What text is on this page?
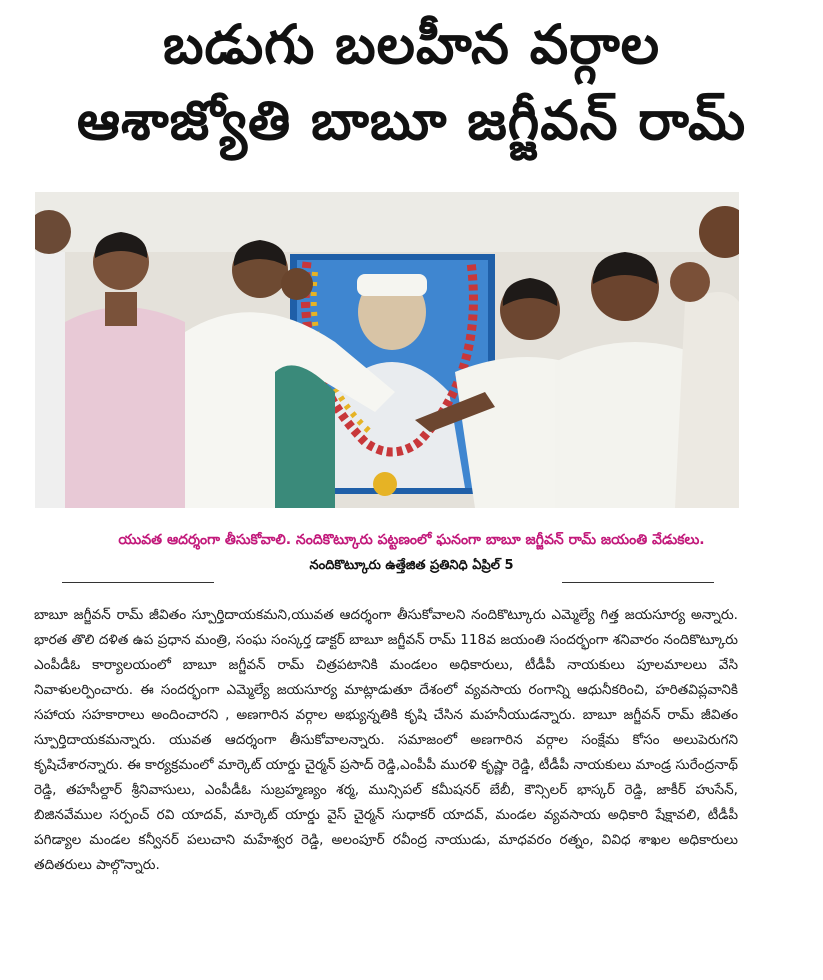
బడుగు బలహీన వర్గాల
ఆశాజ్యోతి బాబూ జగ్జీవన్ రామ్
యువత ఆదర్శంగా తీసుకోవాలి. నందికొట్కూరు పట్టణంలో ఘనంగా బాబూ జగ్జీవన్ రామ్ జయంతి వేడుకలు.
నందికొట్కూరు ఉత్తేజిత ప్రతినిధి ఏప్రిల్ 5

బాబూ జగ్జీవన్ రామ్ జీవితం స్పూర్తిదాయకమని,యువత ఆదర్శంగా తీసుకోవాలని నందికొట్కూరు ఎమ్మెల్యే గిత్త జయసూర్య అన్నారు. భారత తొలి దళిత ఉప ప్రధాన మంత్రి, సంఘ సంస్కర్త డాక్టర్ బాబూ జగ్జీవన్ రామ్ 118వ జయంతి సందర్భంగా శనివారం నందికొట్కూరు ఎంపీడీఓ కార్యాలయంలో బాబూ జగ్జీవన్ రామ్ చిత్రపటానికి మండలం అధికారులు, టీడీపీ నాయకులు పూలమాలలు వేసి నివాళులర్పించారు. ఈ సందర్భంగా ఎమ్మెల్యే జయసూర్య మాట్లాడుతూ దేశంలో వ్యవసాయ రంగాన్ని ఆధునీకరించి, హరితవిప్లవానికి సహాయ సహకారాలు అందించారని , అణగారిన వర్గాల అభ్యున్నతికి కృషి చేసిన మహనీయుడన్నారు. బాబూ జగ్జీవన్ రామ్ జీవితం స్పూర్తిదాయకమన్నారు. యువత ఆదర్శంగా తీసుకోవాలన్నారు. సమాజంలో అణగారిన వర్గాల సంక్షేమ కోసం అలుపెరుగని కృషిచేశారన్నారు. ఈ కార్యక్రమంలో మార్కెట్ యార్డు చైర్మన్ ప్రసాద్ రెడ్డి,ఎంపీపీ మురళి కృష్ణా రెడ్డి, టీడీపీ నాయకులు మాండ్ర సురేంద్రనాథ్ రెడ్డి, తహసీల్దార్ శ్రీనివాసులు, ఎంపీడీఓ సుబ్రహ్మణ్యం శర్మ, మున్సిపల్ కమీషనర్ బేబీ, కౌన్సిలర్ భాస్కర్ రెడ్డి, జాకీర్ హుసేన్, బిజినవేముల సర్పంచ్ రవి యాదవ్, మార్కెట్ యార్డు వైస్ చైర్మన్ సుధాకర్ యాదవ్, మండల వ్యవసాయ అధికారి షేక్షావలి, టీడీపీ పగిడ్యాల మండల కన్వీనర్ పలుచాని మహేశ్వర రెడ్డి, అలంపూర్ రవీంద్ర నాయుడు, మాధవరం రత్నం, వివిధ శాఖల అధికారులు తదితరులు పాల్గొన్నారు.
